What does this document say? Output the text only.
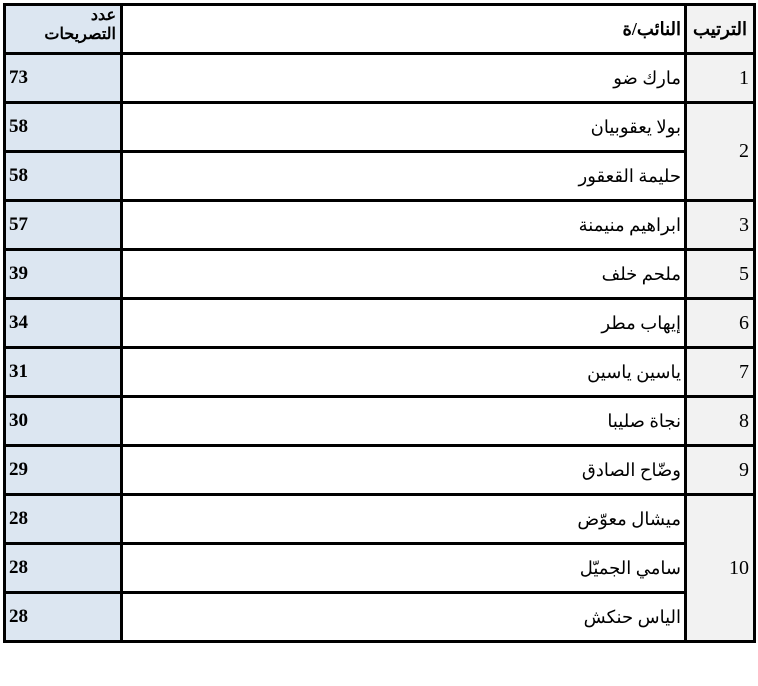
عدد
التصريحات	النائب/ة	الترتيب
73	مارك ضو	1
58	بولا يعقوبيان	2
58	حليمة القعقور	
57	ابراهيم منيمنة	3
39	ملحم خلف	5
34	إيهاب مطر	6
31	ياسين ياسين	7
30	نجاة صليبا	8
29	وضّاح الصادق	9
28	ميشال معوّض	10
28	سامي الجميّل	
28	الياس حنكش	
